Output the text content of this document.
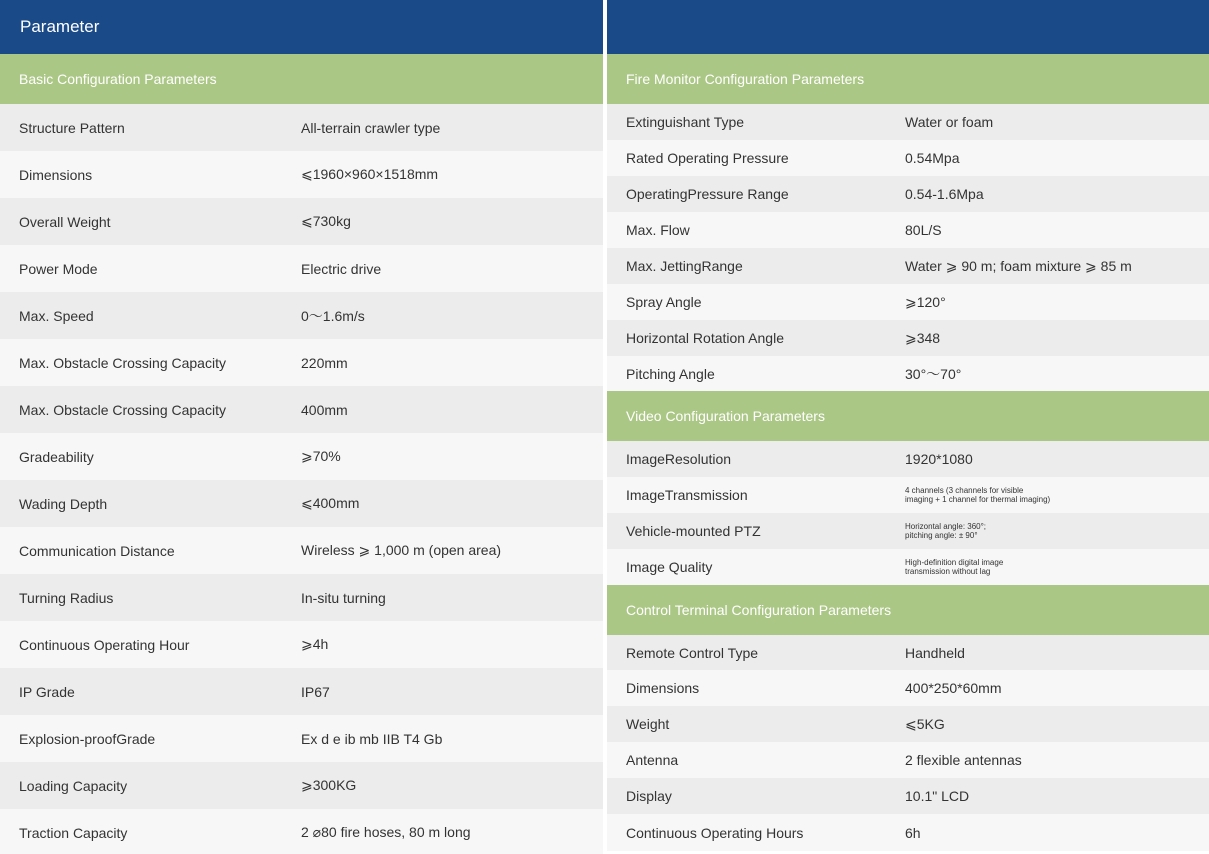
Parameter
Basic Configuration Parameters
Structure Pattern	All-terrain crawler type
Dimensions	⩽1960×960×1518mm
Overall Weight	⩽730kg
Power Mode	Electric drive
Max. Speed	0～1.6m/s
Max. Obstacle Crossing Capacity	220mm
Max. Obstacle Crossing Capacity	400mm
Gradeability	⩾70%
Wading Depth	⩽400mm
Communication Distance	Wireless ⩾ 1,000 m (open area)
Turning Radius	In-situ turning
Continuous Operating Hour	⩾4h
IP Grade	IP67
Explosion-proofGrade	Ex d e ib mb IIB T4 Gb
Loading Capacity	⩾300KG
Traction Capacity	2 ⌀80 fire hoses, 80 m long
Fire Monitor Configuration Parameters
Extinguishant Type	Water or foam
Rated Operating Pressure	0.54Mpa
OperatingPressure Range	0.54-1.6Mpa
Max. Flow	80L/S
Max. JettingRange	Water ⩾ 90 m; foam mixture ⩾ 85 m
Spray Angle	⩾120°
Horizontal Rotation Angle	⩾348
Pitching Angle	30°～70°
Video Configuration Parameters
ImageResolution	1920*1080
ImageTransmission	4 channels (3 channels for visible
imaging + 1 channel for thermal imaging)
Vehicle-mounted PTZ	Horizontal angle: 360°;
pitching angle: ± 90°
Image Quality	High-definition digital image
transmission without lag
Control Terminal Configuration Parameters
Remote Control Type	Handheld
Dimensions	400*250*60mm
Weight	⩽5KG
Antenna	2 flexible antennas
Display	10.1" LCD
Continuous Operating Hours	6h
